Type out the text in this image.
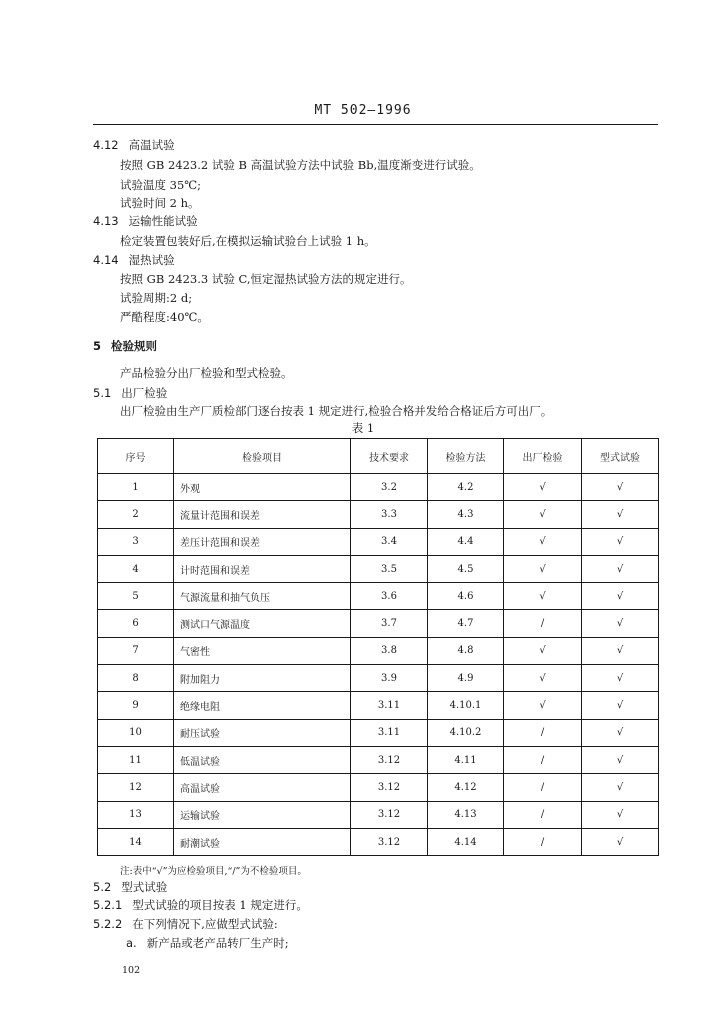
MT 502—1996
4.12 高温试验
按照 GB 2423.2 试验 B 高温试验方法中试验 Bb,温度渐变进行试验。
试验温度 35℃;
试验时间 2 h。
4.13 运输性能试验
检定装置包装好后,在模拟运输试验台上试验 1 h。
4.14 湿热试验
按照 GB 2423.3 试验 C,恒定湿热试验方法的规定进行。
试验周期:2 d;
严酷程度:40℃。
5 检验规则
产品检验分出厂检验和型式检验。
5.1 出厂检验
出厂检验由生产厂质检部门逐台按表 1 规定进行,检验合格并发给合格证后方可出厂。
表 1
序号	检验项目	技术要求	检验方法	出厂检验	型式试验
1	外观	3.2	4.2	√	√
2	流量计范围和误差	3.3	4.3	√	√
3	差压计范围和误差	3.4	4.4	√	√
4	计时范围和误差	3.5	4.5	√	√
5	气源流量和抽气负压	3.6	4.6	√	√
6	测试口气源温度	3.7	4.7	/	√
7	气密性	3.8	4.8	√	√
8	附加阻力	3.9	4.9	√	√
9	绝缘电阻	3.11	4.10.1	√	√
10	耐压试验	3.11	4.10.2	/	√
11	低温试验	3.12	4.11	/	√
12	高温试验	3.12	4.12	/	√
13	运输试验	3.12	4.13	/	√
14	耐潮试验	3.12	4.14	/	√
注:表中“√”为应检验项目,“/”为不检验项目。
5.2 型式试验
5.2.1 型式试验的项目按表 1 规定进行。
5.2.2 在下列情况下,应做型式试验:
a. 新产品或老产品转厂生产时;
102
